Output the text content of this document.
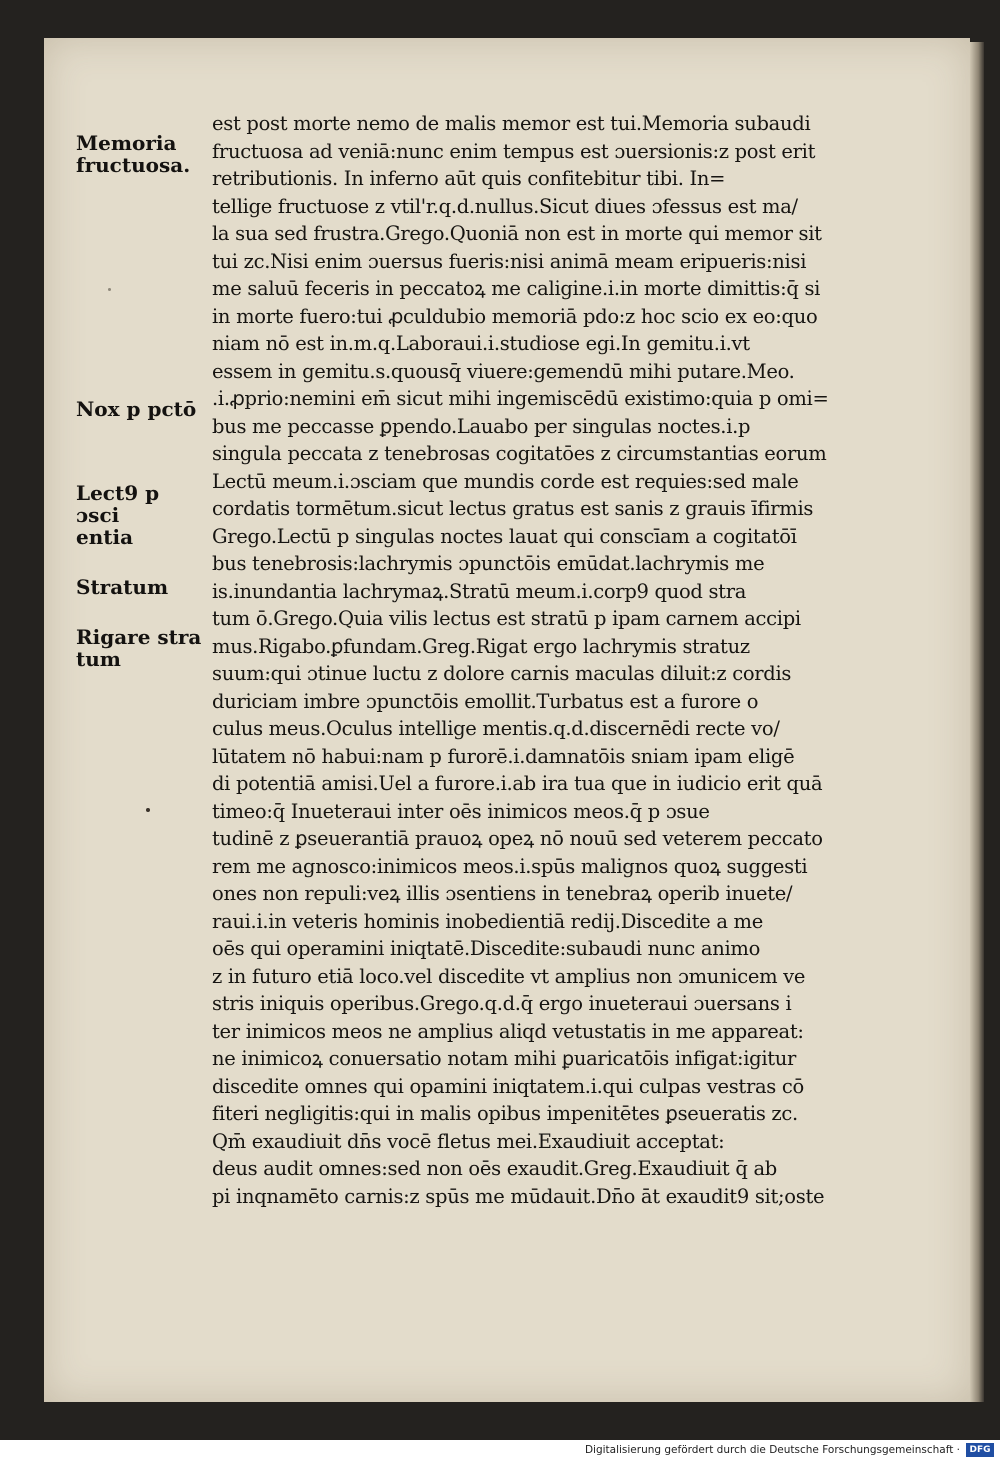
Memoria
fructuosa.
Nox p pctō
Lect9 p ɔsci
entia
Stratum
Rigare stra
tum
est post morte nemo de malis memor est tui.Memoria subaudi
fructuosa ad veniā:nunc enim tempus est ɔuersionis:z post erit
retributionis. In inferno aūt quis confitebitur tibi. In=
tellige fructuose z vtil'r.q.d.nullus.Sicut diues ɔfessus est ma/
la sua sed frustra.Grego.Quoniā non est in morte qui memor sit
tui zc.Nisi enim ɔuersus fueris:nisi animā meam eripueris:nisi
me saluū feceris in peccatoꝝ me caligine.i.in morte dimittis:q̄ si
in morte fuero:tui ꝓculdubio memoriā pdo:z hoc scio ex eo:quo
niam nō est in.m.q.Laboraui.i.studiose egi.In gemitu.i.vt
essem in gemitu.s.quousq̄ viuere:gemendū mihi putare.Meo.
.i.ꝓprio:nemini em̄ sicut mihi ingemiscēdū existimo:quia p omi=
bus me peccasse ꝑpendo.Lauabo per singulas noctes.i.p
singula peccata z tenebrosas cogitatōes z circumstantias eorum
Lectū meum.i.ɔsciam que mundis corde est requies:sed male
cordatis tormētum.sicut lectus gratus est sanis z grauis īfirmis
Grego.Lectū p singulas noctes lauat qui conscīam a cogitatōī
bus tenebrosis:lachrymis ɔpunctōis emūdat.lachrymis me
is.inundantia lachrymaꝝ.Stratū meum.i.corp9 quod stra
tum ō.Grego.Quia vilis lectus est stratū p ipam carnem accipi
mus.Rigabo.ꝑfundam.Greg.Rigat ergo lachrymis stratuz
suum:qui ɔtinue luctu z dolore carnis maculas diluit:z cordis
duriciam imbre ɔpunctōis emollit.Turbatus est a furore o
culus meus.Oculus intellige mentis.q.d.discernēdi recte vo/
lūtatem nō habui:nam p furorē.i.damnatōis sniam ipam eligē
di potentiā amisi.Uel a furore.i.ab ira tua que in iudicio erit quā
timeo:q̄ Inueteraui inter oēs inimicos meos.q̄ p ɔsue
tudinē z ꝑseuerantiā prauoꝝ opeꝝ nō nouū sed veterem peccato
rem me agnosco:inimicos meos.i.spūs malignos quoꝝ suggesti
ones non repuli:veꝝ illis ɔsentiens in tenebraꝝ operib inuete/
raui.i.in veteris hominis inobedientiā redij.Discedite a me
oēs qui operamini iniqtatē.Discedite:subaudi nunc animo
z in futuro etiā loco.vel discedite vt amplius non ɔmunicem ve
stris iniquis operibus.Grego.q.d.q̄ ergo inueteraui ɔuersans i
ter inimicos meos ne amplius aliqd vetustatis in me appareat:
ne inimicoꝝ conuersatio notam mihi ꝑuaricatōis infigat:igitur
discedite omnes qui opamini iniqtatem.i.qui culpas vestras cō
fiteri negligitis:qui in malis opibus impenitētes ꝑseueratis zc.
Qm̄ exaudiuit dn̄s vocē fletus mei.Exaudiuit acceptat:
deus audit omnes:sed non oēs exaudit.Greg.Exaudiuit q̄ ab
pi inqnamēto carnis:z spūs me mūdauit.Dn̄o āt exaudit9 sit;oste
Digitalisierung gefördert durch die Deutsche Forschungsgemeinschaft ·	DFG
